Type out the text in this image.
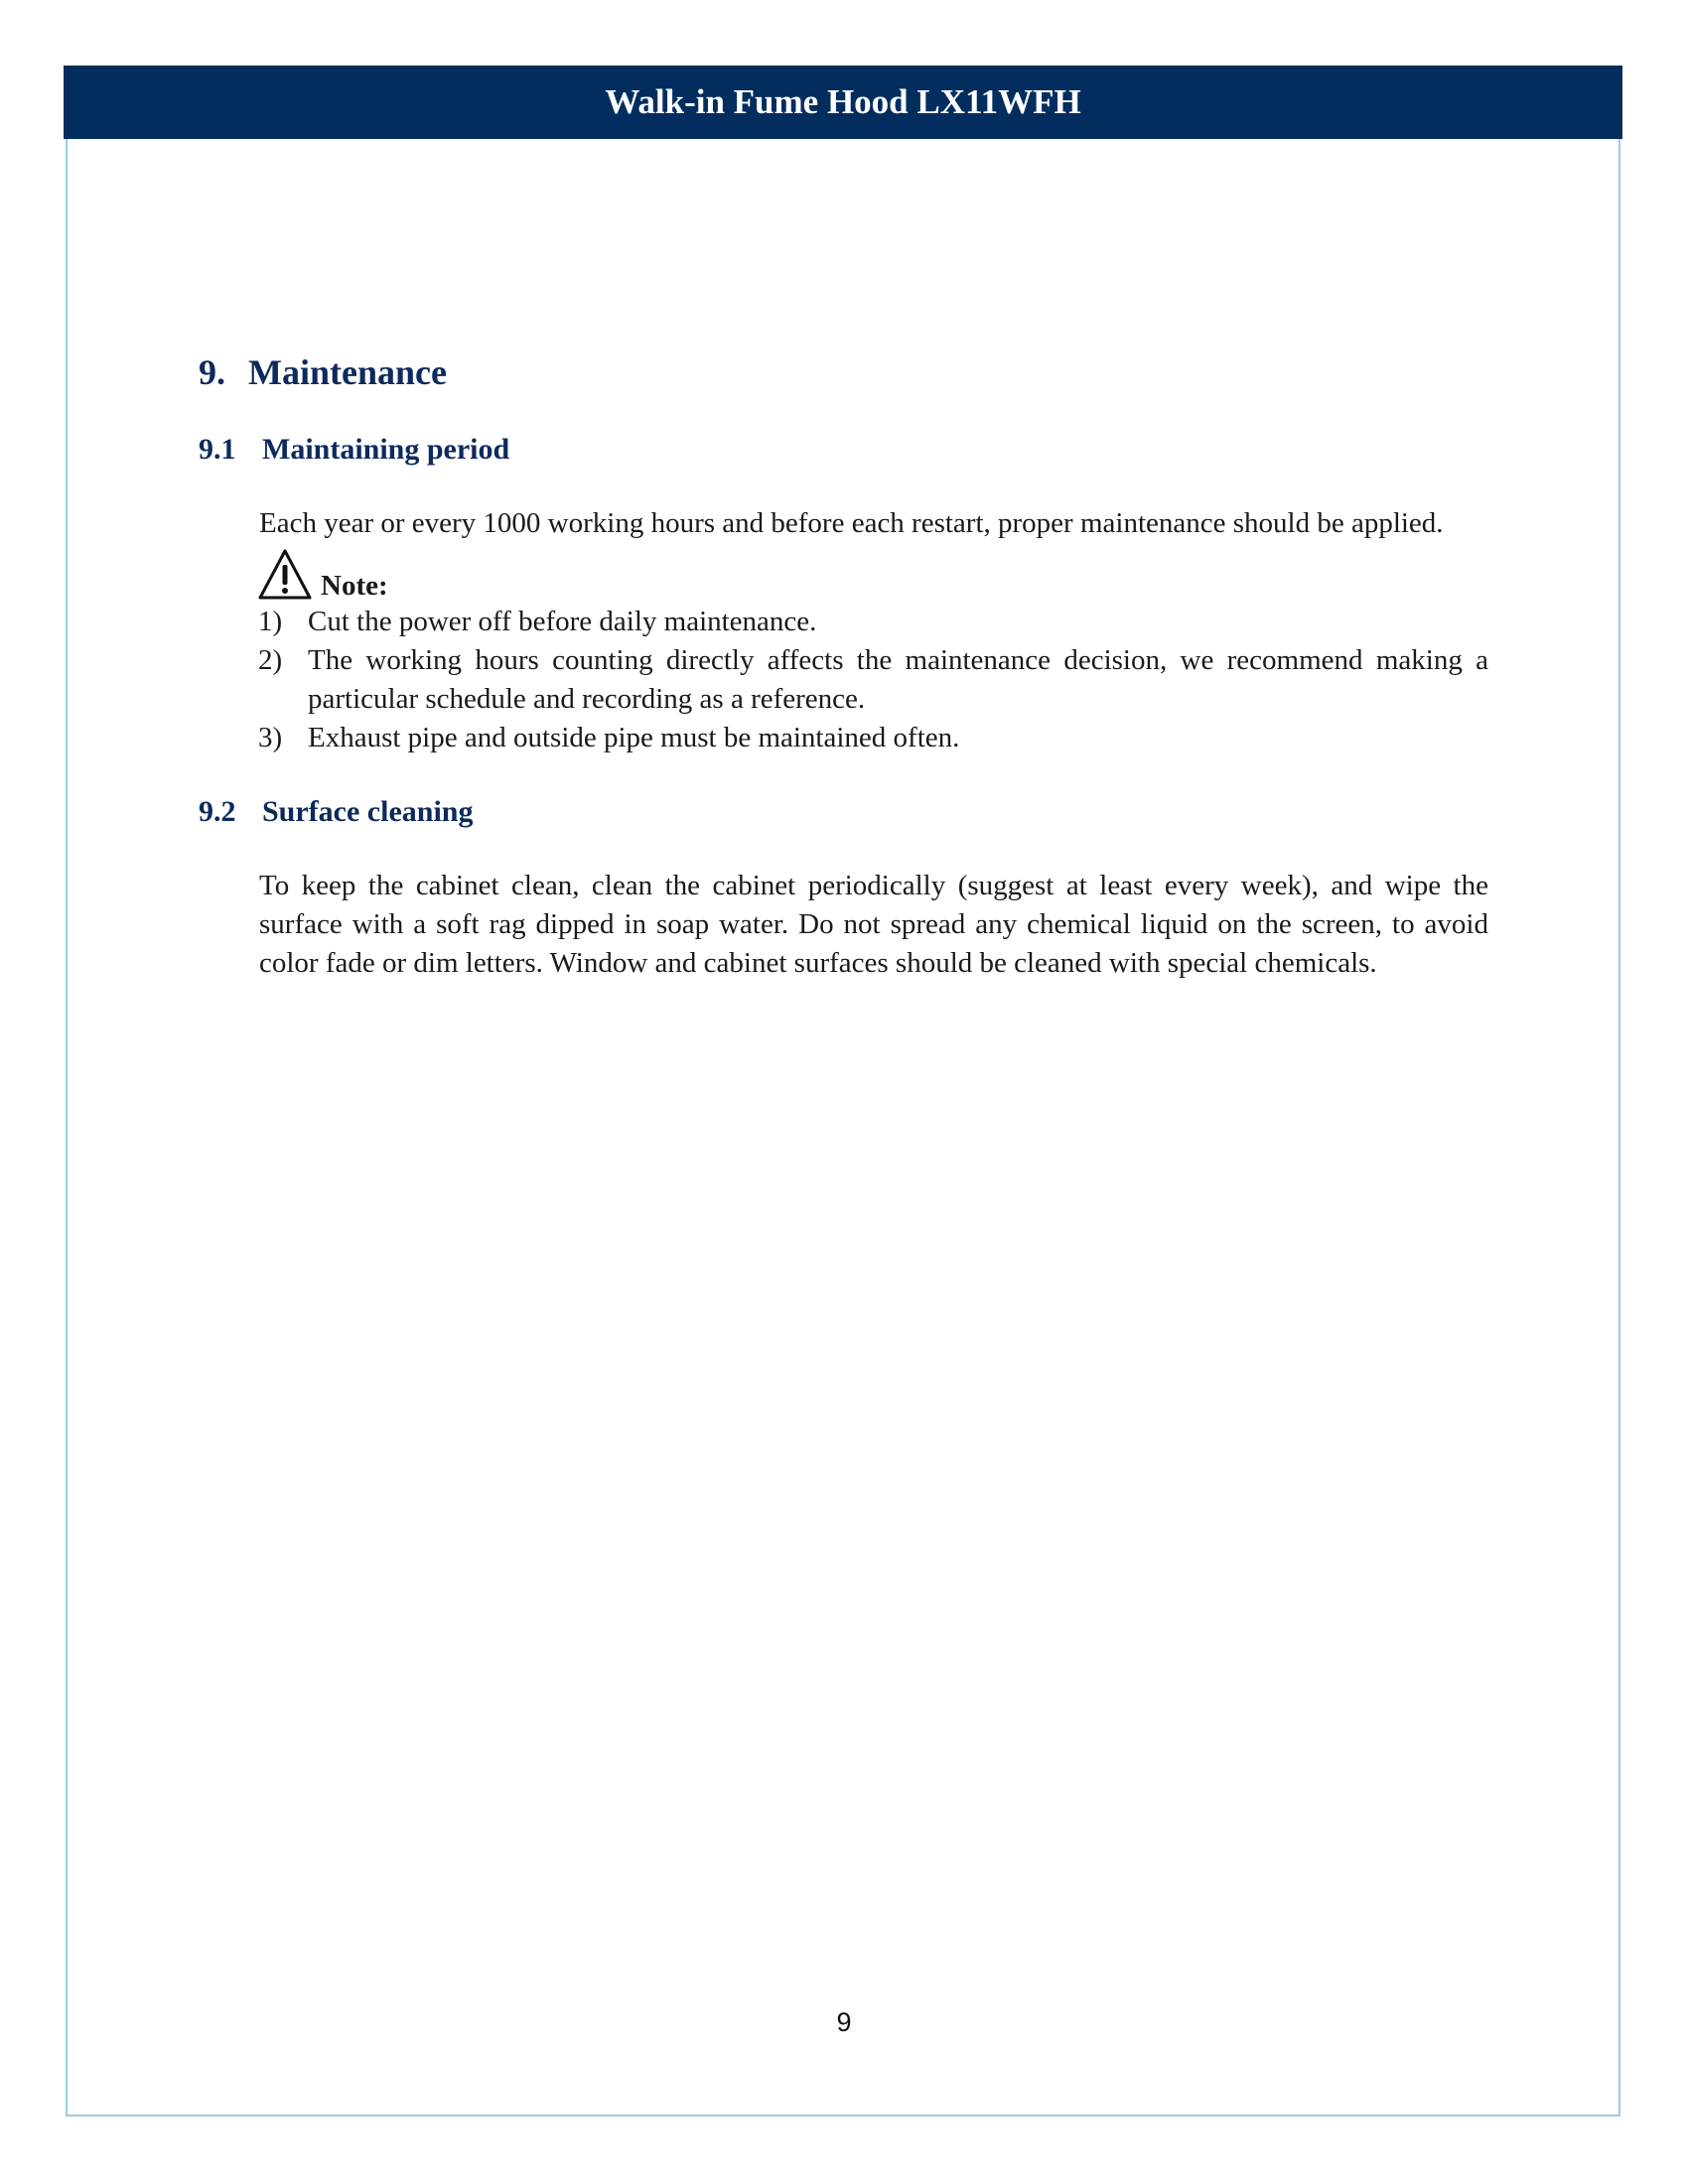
Walk-in Fume Hood LX11WFH
9. Maintenance
9.1 Maintaining period
Each year or every 1000 working hours and before each restart, proper maintenance should be applied.
Note:
1) Cut the power off before daily maintenance.
2) The working hours counting directly affects the maintenance decision, we recommend making a particular schedule and recording as a reference.
3) Exhaust pipe and outside pipe must be maintained often.
9.2 Surface cleaning
To keep the cabinet clean, clean the cabinet periodically (suggest at least every week), and wipe the surface with a soft rag dipped in soap water. Do not spread any chemical liquid on the screen, to avoid color fade or dim letters. Window and cabinet surfaces should be cleaned with special chemicals.
9
